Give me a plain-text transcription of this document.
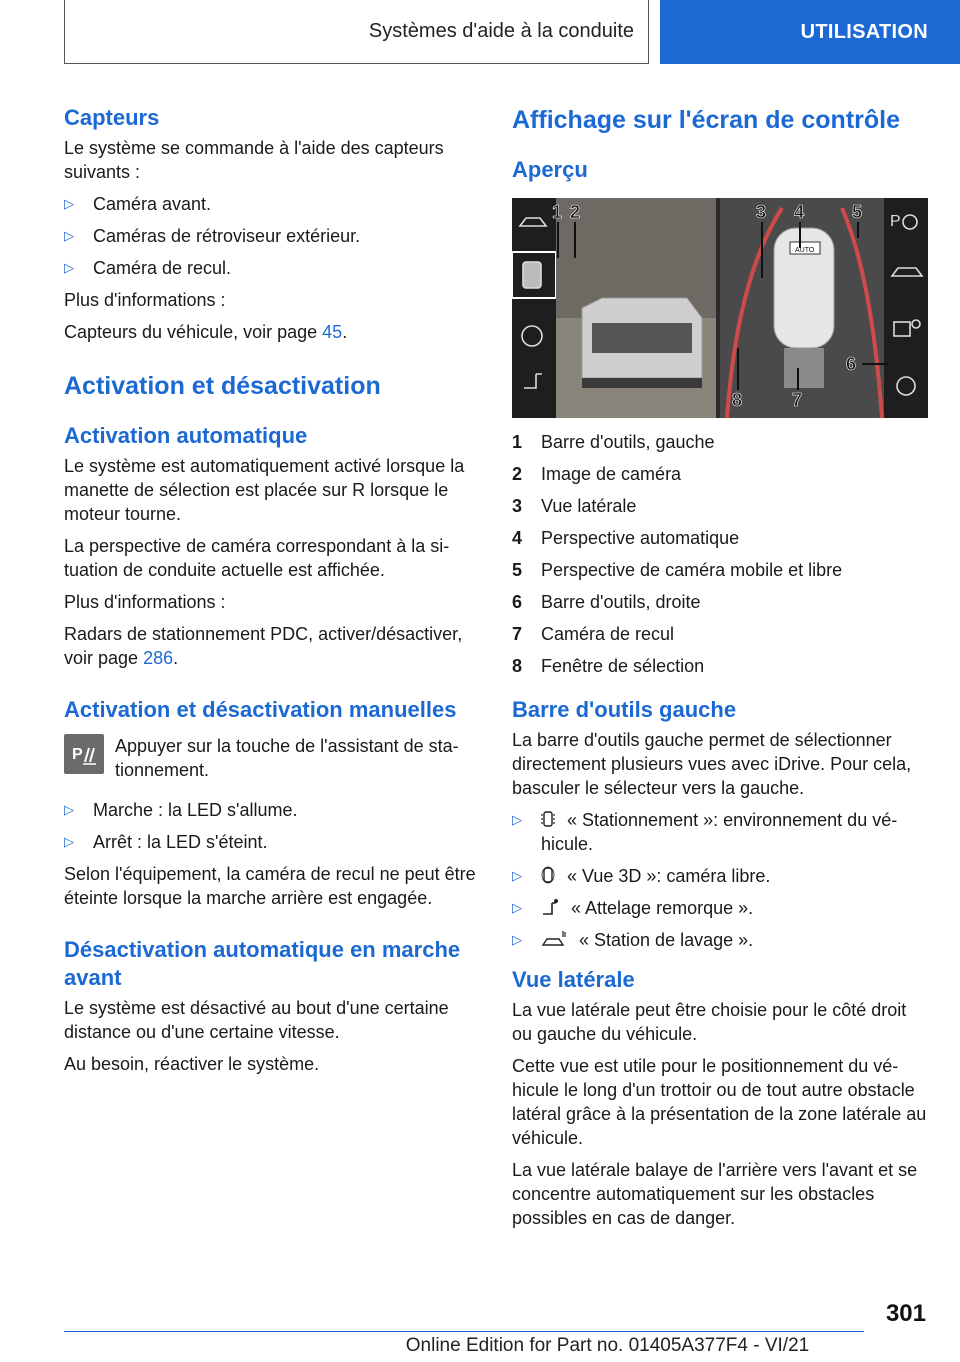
Systèmes d'aide à la conduite	UTILISATION
Capteurs

Le système se commande à l'aide des capteurs suivants :

▷ Caméra avant.
▷ Caméras de rétroviseur extérieur.
▷ Caméra de recul.

Plus d'informations :

Capteurs du véhicule, voir page 45.

Activation et désactivation
Activation automatique

Le système est automatiquement activé lorsque la manette de sélection est placée sur R lorsque le moteur tourne.

La perspective de caméra correspondant à la situation de conduite actuelle est affichée.

Plus d'informations :

Radars de stationnement PDC, activer/désactiver, voir page 286.

Activation et désactivation manuelles
P Appuyer sur la touche de l'assistant de stationnement.

▷ Marche : la LED s'allume.
▷ Arrêt : la LED s'éteint.

Selon l'équipement, la caméra de recul ne peut être éteinte lorsque la marche arrière est engagée.

Désactivation automatique en marche avant

Le système est désactivé au bout d'une certaine distance ou d'une certaine vitesse.

Au besoin, réactiver le système.

Affichage sur l'écran de contrôle
Aperçu
AUTO
P
1 2	3 4	5
6
7
8
1	Barre d'outils, gauche
2	Image de caméra
3	Vue latérale
4	Perspective automatique
5	Perspective de caméra mobile et libre
6	Barre d'outils, droite
7	Caméra de recul
8	Fenêtre de sélection
Barre d'outils gauche

La barre d'outils gauche permet de sélectionner directement plusieurs vues avec iDrive. Pour cela, basculer le sélecteur vers la gauche.

▷	« Stationnement »: environnement du véhicule.
▷	« Vue 3D »: caméra libre.
▷	« Attelage remorque ».
▷	« Station de lavage ».
Vue latérale

La vue latérale peut être choisie pour le côté droit ou gauche du véhicule.

Cette vue est utile pour le positionnement du véhicule le long d'un trottoir ou de tout autre obstacle latéral grâce à la présentation de la zone latérale au véhicule.

La vue latérale balaye de l'arrière vers l'avant et se concentre automatiquement sur les obstacles possibles en cas de danger.

301
Online Edition for Part no. 01405A377F4 - VI/21
